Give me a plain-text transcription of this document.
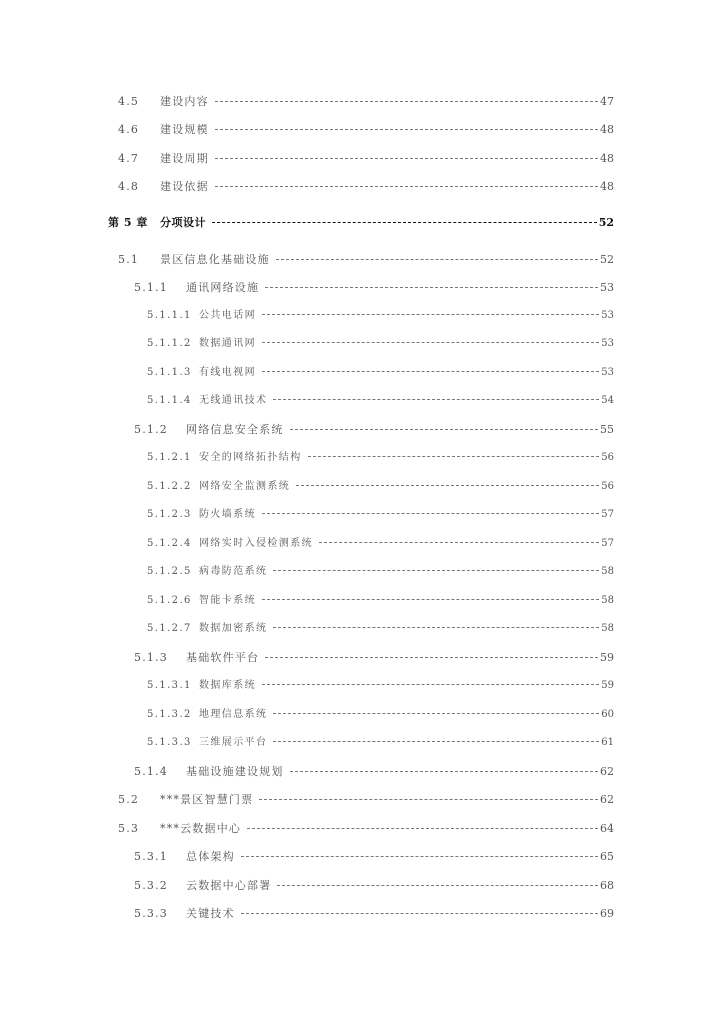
4.5	建设内容	47
4.6	建设规模	48
4.7	建设周期	48
4.8	建设依据	48
第 5 章	分项设计	52
5.1	景区信息化基础设施	52
5.1.1	通讯网络设施	53
5.1.1.1 公共电话网	53
5.1.1.2 数据通讯网	53
5.1.1.3 有线电视网	53
5.1.1.4 无线通讯技术	54
5.1.2	网络信息安全系统	55
5.1.2.1 安全的网络拓扑结构	56
5.1.2.2 网络安全监测系统	56
5.1.2.3 防火墙系统	57
5.1.2.4 网络实时入侵检测系统	57
5.1.2.5 病毒防范系统	58
5.1.2.6 智能卡系统	58
5.1.2.7 数据加密系统	58
5.1.3	基础软件平台	59
5.1.3.1 数据库系统	59
5.1.3.2 地理信息系统	60
5.1.3.3 三维展示平台	61
5.1.4	基础设施建设规划	62
5.2	***景区智慧门票	62
5.3	***云数据中心	64
5.3.1	总体架构	65
5.3.2	云数据中心部署	68
5.3.3	关键技术	69
